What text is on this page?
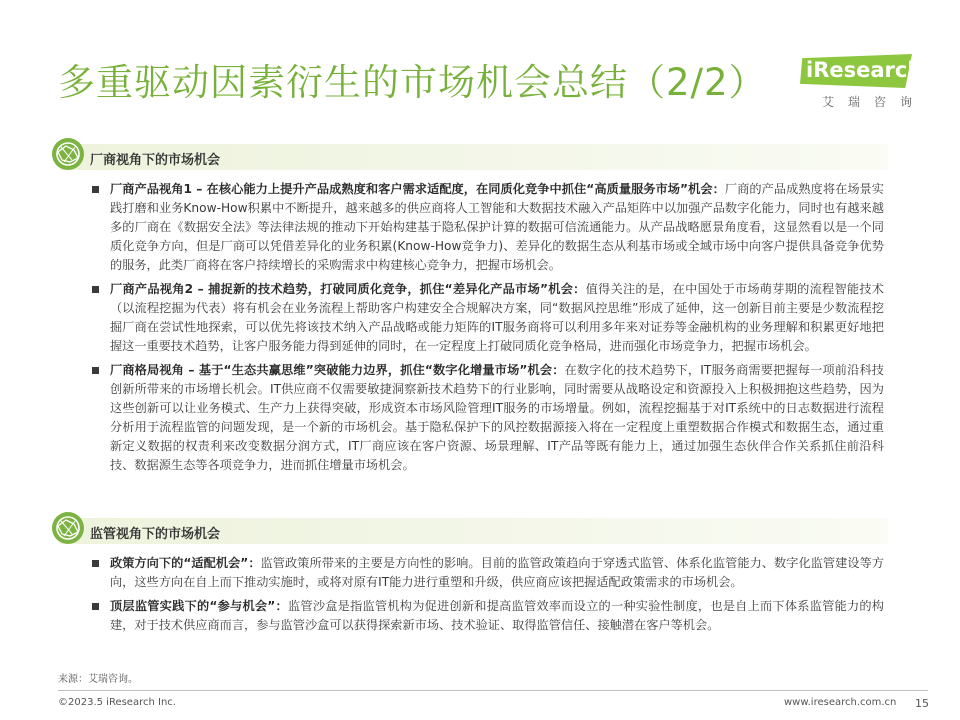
多重驱动因素衍生的市场机会总结（2/2） iResearch
艾瑞咨询
厂商视角下的市场机会
厂商产品视角1 – 在核心能力上提升产品成熟度和客户需求适配度，在同质化竞争中抓住“高质量服务市场”机会：厂商的产品成熟度将在场景实践打磨和业务Know-How积累中不断提升，越来越多的供应商将人工智能和大数据技术融入产品矩阵中以加强产品数字化能力，同时也有越来越多的厂商在《数据安全法》等法律法规的推动下开始构建基于隐私保护计算的数据可信流通能力。从产品战略愿景角度看，这显然看以是一个同质化竞争方向，但是厂商可以凭借差异化的业务积累(Know-How竞争力)、差异化的数据生态从利基市场或全域市场中向客户提供具备竞争优势的服务，此类厂商将在客户持续增长的采购需求中构建核心竞争力，把握市场机会。
厂商产品视角2 – 捕捉新的技术趋势，打破同质化竞争，抓住“差异化产品市场”机会：值得关注的是，在中国处于市场萌芽期的流程智能技术（以流程挖掘为代表）将有机会在业务流程上帮助客户构建安全合规解决方案，同“数据风控思维”形成了延伸，这一创新目前主要是少数流程挖掘厂商在尝试性地探索，可以优先将该技术纳入产品战略或能力矩阵的IT服务商将可以利用多年来对证券等金融机构的业务理解和积累更好地把握这一重要技术趋势，让客户服务能力得到延伸的同时，在一定程度上打破同质化竞争格局，进而强化市场竞争力，把握市场机会。
厂商格局视角 – 基于“生态共赢思维”突破能力边界，抓住“数字化增量市场”机会：在数字化的技术趋势下，IT服务商需要把握每一项前沿科技创新所带来的市场增长机会。IT供应商不仅需要敏捷洞察新技术趋势下的行业影响，同时需要从战略设定和资源投入上积极拥抱这些趋势，因为这些创新可以让业务模式、生产力上获得突破，形成资本市场风险管理IT服务的市场增量。例如，流程挖掘基于对IT系统中的日志数据进行流程分析用于流程监管的问题发现，是一个新的市场机会。基于隐私保护下的风控数据源接入将在一定程度上重塑数据合作模式和数据生态，通过重新定义数据的权责利来改变数据分润方式，IT厂商应该在客户资源、场景理解、IT产品等既有能力上，通过加强生态伙伴合作关系抓住前沿科技、数据源生态等各项竞争力，进而抓住增量市场机会。
监管视角下的市场机会
政策方向下的“适配机会”：监管政策所带来的主要是方向性的影响。目前的监管政策趋向于穿透式监管、体系化监管能力、数字化监管建设等方向，这些方向在自上而下推动实施时，或将对原有IT能力进行重塑和升级，供应商应该把握适配政策需求的市场机会。
顶层监管实践下的“参与机会”：监管沙盒是指监管机构为促进创新和提高监管效率而设立的一种实验性制度，也是自上而下体系监管能力的构建，对于技术供应商而言，参与监管沙盒可以获得探索新市场、技术验证、取得监管信任、接触潜在客户等机会。
来源：艾瑞咨询。
©2023.5 iResearch Inc.	www.iresearch.com.cn 15
